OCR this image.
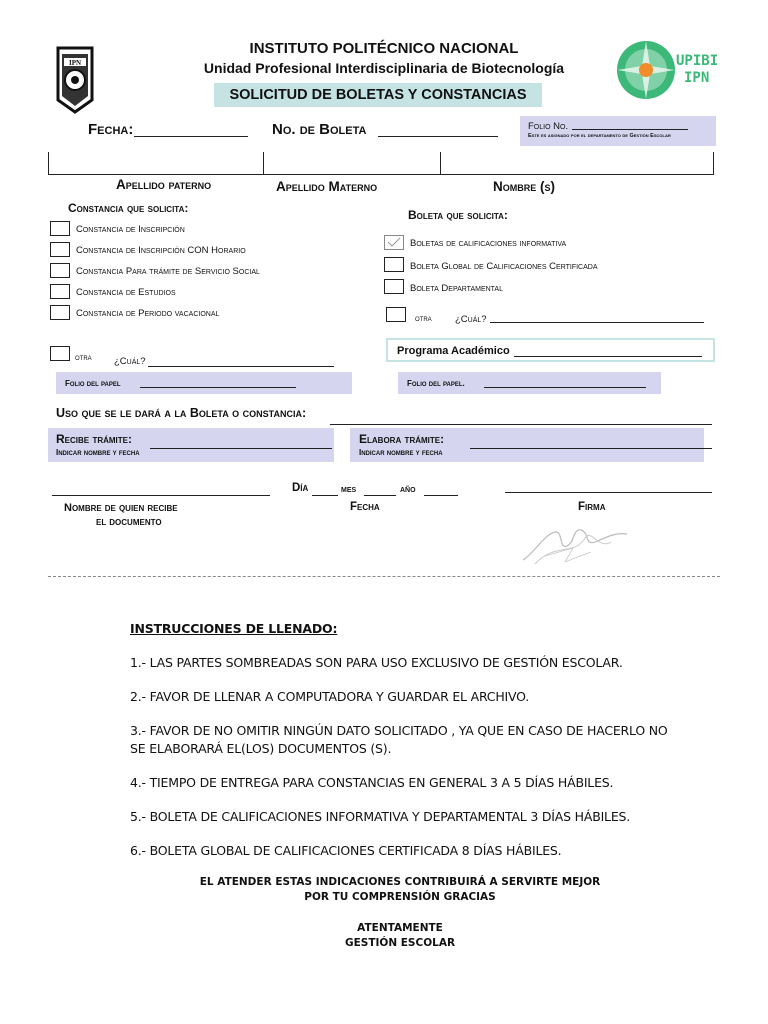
IPN
INSTITUTO POLITÉCNICO NACIONAL
Unidad Profesional Interdisciplinaria de Biotecnología
SOLICITUD DE BOLETAS Y CONSTANCIAS
UPIBI
IPN
Fecha:	No. de Boleta	Folio No.
Este es asignado por el departamento de Gestión Escolar
Apellido paterno	Apellido Materno	Nombre (s)
Constancia que solicita:
Constancia de Inscripción
Constancia de Inscripción CON Horario
Constancia Para trámite de Servicio Social
Constancia de Estudios
Constancia de Periodo vacacional
otra ¿Cuál?
Folio del papel
Boleta que solicita:
Boletas de calificaciones informativa
Boleta Global de Calificaciones Certificada
Boleta Departamental
otra ¿Cuál?
Programa Académico
Folio del papel.
Uso que se le dará a la Boleta o constancia:
Recibe trámite:
Indicar nombre y fecha
Elabora trámite:
Indicar nombre y fecha
Día	mes	año
Nombre de quien recibe
el documento
Fecha	Firma
INSTRUCCIONES DE LLENADO:
1.- LAS PARTES SOMBREADAS SON PARA USO EXCLUSIVO DE GESTIÓN ESCOLAR.
2.- FAVOR DE LLENAR A COMPUTADORA Y GUARDAR EL ARCHIVO.
3.- FAVOR DE NO OMITIR NINGÚN DATO SOLICITADO , YA QUE EN CASO DE HACERLO NO
SE ELABORARÁ EL(LOS) DOCUMENTOS (S).
4.- TIEMPO DE ENTREGA PARA CONSTANCIAS EN GENERAL 3 A 5 DÍAS HÁBILES.
5.- BOLETA DE CALIFICACIONES INFORMATIVA Y DEPARTAMENTAL 3 DÍAS HÁBILES.
6.- BOLETA GLOBAL DE CALIFICACIONES CERTIFICADA 8 DÍAS HÁBILES.
EL ATENDER ESTAS INDICACIONES CONTRIBUIRÁ A SERVIRTE MEJOR
POR TU COMPRENSIÓN GRACIAS
ATENTAMENTE
GESTIÓN ESCOLAR
